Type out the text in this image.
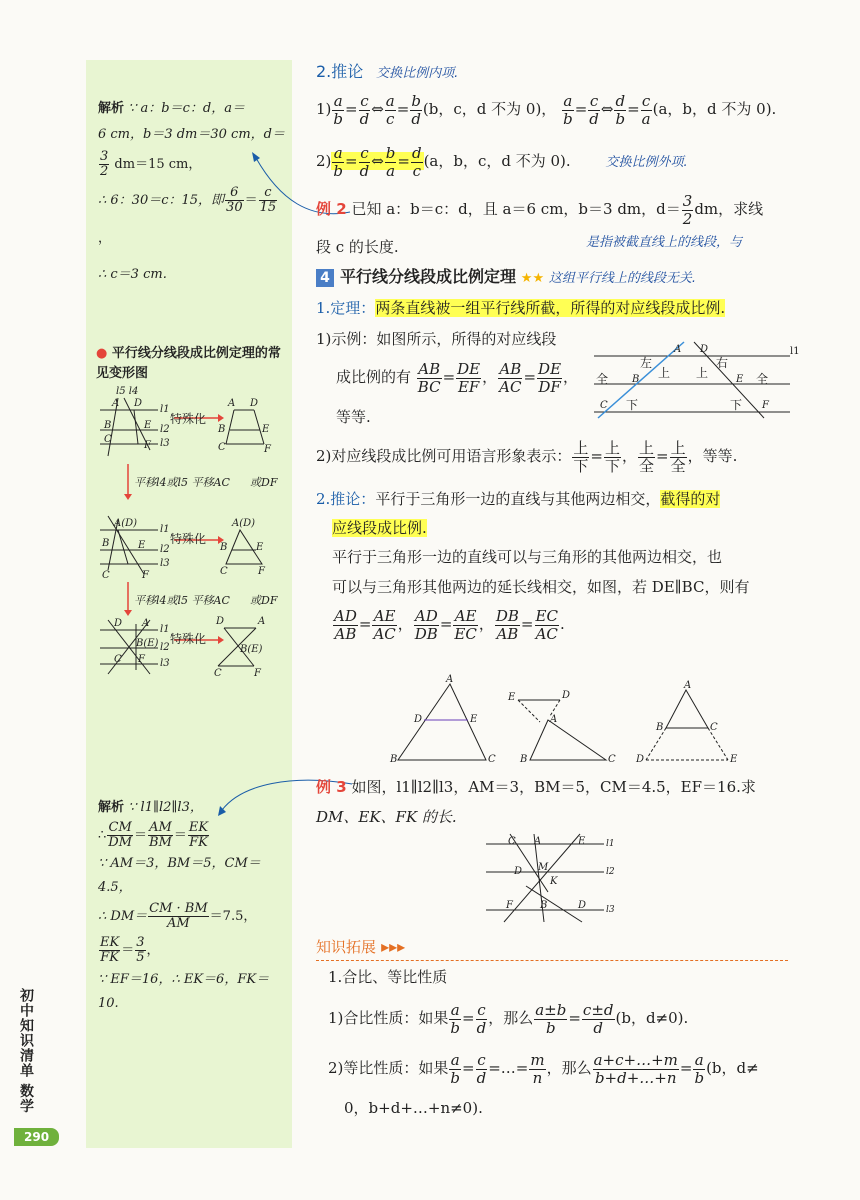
解析 ∵ a：b＝c：d，a＝
6 cm，b＝3 dm＝30 cm，d＝
$\frac{3}{2} dm=15$ cm，
∴ 6：30＝c：15，即 $\frac{6}{30} = \frac{c}{15}$
，
∴ c＝3 cm.
● 平行线分线段成比例定理的常见变形图
A D
B	E
C
F
l1
l2
l3
l5 l4
A D
B	E
C	F
A(D)
B	E
C	F
l1
l2
l3
A(D)
B	E
C	F
D A
B(E)
C F
l1
l2
l3
D	A
B(E)
C	F
特殊化
特殊化
特殊化
平移l4或l5 平移AC 或DF
平移l4或l5 平移AC 或DF
解析 ∵ l1∥l2∥l3，
∴ $\frac{CM}{DM} = \frac{AM}{BM} = \frac{EK}{FK}$
∵ AM＝3，BM＝5，CM＝4.5，
∴ $DM= \frac{CM \cdot BM}{AM} =7.5$，
$\frac{EK}{FK} = \frac{3}{5}$ ，
∵ EF＝16，∴ EK＝6，FK＝10.
初中知识清单 数学
290
2.推论 交换比例内项.
$1) \frac{a}{b} = \frac{c}{d}$ ⇔ $\frac{a}{c} = \frac{b}{d} (b$，c，d 不为 0)， $\frac{a}{b} = \frac{c}{d}$ ⇔ $\frac{d}{b} = \frac{c}{a} (a$，b，d 不为 0).
$2) \frac{a}{b} = \frac{c}{d}$ ⇔ $\frac{b}{a} = \frac{d}{c} (a$，b，c，d 不为 0).	交换比例外项.
例 2 已知 a：b＝c：d，且 a＝6 cm，b＝3 dm，$d= \frac{3}{2}$ dm，求线
段 c 的长度.	是指被截直线上的线段，与
4 平行线分线段成比例定理 ★★ 这组平行线上的线段无关.
1.定理：两条直线被一组平行线所截，所得的对应线段成比例.
1)示例：如图所示，所得的对应线段
成比例的有 $\frac{AB}{BC} = \frac{DE}{EF}$ ， $\frac{AB}{AC} = \frac{DE}{DF}$ ，
等等.
2)对应线段成比例可用语言形象表示： $\frac{\text{上}}{\text{下}} = \frac{\text{上}}{\text{下}}$ ， $\frac{\text{上}}{\text{全}} = \frac{\text{上}}{\text{全}}$ ，等等.
2.推论：平行于三角形一边的直线与其他两边相交，截得的对
应线段成比例.
平行于三角形一边的直线可以与三角形的其他两边相交，也
可以与三角形其他两边的延长线相交，如图，若 DE∥BC，则有
$\frac{AD}{AB} = \frac{AE}{AC}$ ， $\frac{AD}{DB} = \frac{AE}{EC}$ ， $\frac{DB}{AB} = \frac{EC}{AC}$ .
A D
B	E
C	F
l1
左	右
上 上
全	全
下	下
A
D	E
B	C
E	D
A
B	C
A
B	C
D	E
例 3 如图，l1∥l2∥l3，AM＝3，BM＝5，CM＝4.5，EF＝16.求
DM、EK、FK 的长.
C A	E
M
K
D
F	B	D
l1
l2
l3
知识拓展 ▸▸▸
1.合比、等比性质
1)合比性质：如果 $\frac{a}{b} = \frac{c}{d}$ ，那么 $\frac{a\pm b}{b} = \frac{c\pm d}{d} (b$，d≠0).
2)等比性质：如果 $\frac{a}{b} = \frac{c}{d}$ =…= $\frac{m}{n}$ ，那么 $\frac{a+c+\dots+m}{b+d+\dots+n} = \frac{a}{b} (b$，d≠
0，b+d+…+n≠0).
